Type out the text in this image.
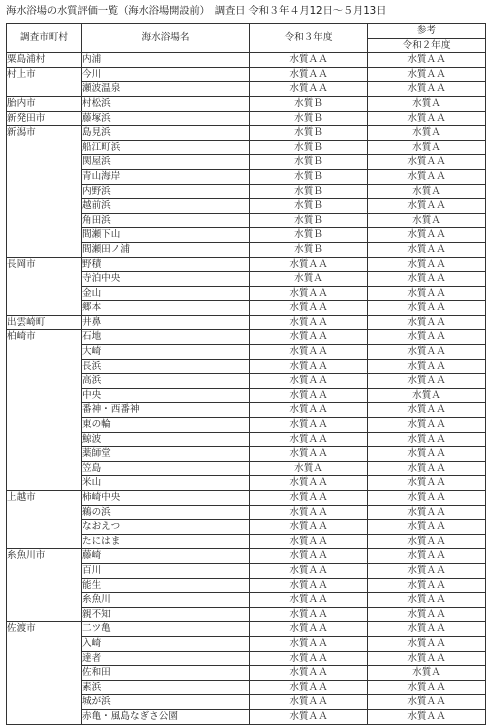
海水浴場の水質評価一覧（海水浴場開設前）　調査日 令和３年４月12日～５月13日
調査市町村	海水浴場名	令和３年度	参考
			令和２年度
粟島浦村	内浦	水質ＡＡ	水質ＡＡ
村上市	今川	水質ＡＡ	水質ＡＡ
	瀬波温泉	水質ＡＡ	水質ＡＡ
胎内市	村松浜	水質Ｂ	水質Ａ
新発田市	藤塚浜	水質Ｂ	水質ＡＡ
新潟市	島見浜	水質Ｂ	水質Ａ
	船江町浜	水質Ｂ	水質Ａ
	関屋浜	水質Ｂ	水質ＡＡ
	青山海岸	水質Ｂ	水質ＡＡ
	内野浜	水質Ｂ	水質Ａ
	越前浜	水質Ｂ	水質ＡＡ
	角田浜	水質Ｂ	水質Ａ
	間瀬下山	水質Ｂ	水質ＡＡ
	間瀬田ノ浦	水質Ｂ	水質ＡＡ
長岡市	野積	水質ＡＡ	水質ＡＡ
	寺泊中央	水質Ａ	水質ＡＡ
	金山	水質ＡＡ	水質ＡＡ
	郷本	水質ＡＡ	水質ＡＡ
出雲崎町	井鼻	水質ＡＡ	水質ＡＡ
柏崎市	石地	水質ＡＡ	水質ＡＡ
	大崎	水質ＡＡ	水質ＡＡ
	長浜	水質ＡＡ	水質ＡＡ
	高浜	水質ＡＡ	水質ＡＡ
	中央	水質ＡＡ	水質Ａ
	番神・西番神	水質ＡＡ	水質ＡＡ
	東の輪	水質ＡＡ	水質ＡＡ
	鯨波	水質ＡＡ	水質ＡＡ
	薬師堂	水質ＡＡ	水質ＡＡ
	笠島	水質Ａ	水質ＡＡ
	米山	水質ＡＡ	水質ＡＡ
上越市	柿崎中央	水質ＡＡ	水質ＡＡ
	鵜の浜	水質ＡＡ	水質ＡＡ
	なおえつ	水質ＡＡ	水質ＡＡ
	たにはま	水質ＡＡ	水質ＡＡ
糸魚川市	藤崎	水質ＡＡ	水質ＡＡ
	百川	水質ＡＡ	水質ＡＡ
	能生	水質ＡＡ	水質ＡＡ
	糸魚川	水質ＡＡ	水質ＡＡ
	親不知	水質ＡＡ	水質ＡＡ
佐渡市	二ツ亀	水質ＡＡ	水質ＡＡ
	入崎	水質ＡＡ	水質ＡＡ
	達者	水質ＡＡ	水質ＡＡ
	佐和田	水質ＡＡ	水質Ａ
	素浜	水質ＡＡ	水質ＡＡ
	城が浜	水質ＡＡ	水質ＡＡ
	赤亀・風島なぎさ公園	水質ＡＡ	水質ＡＡ
